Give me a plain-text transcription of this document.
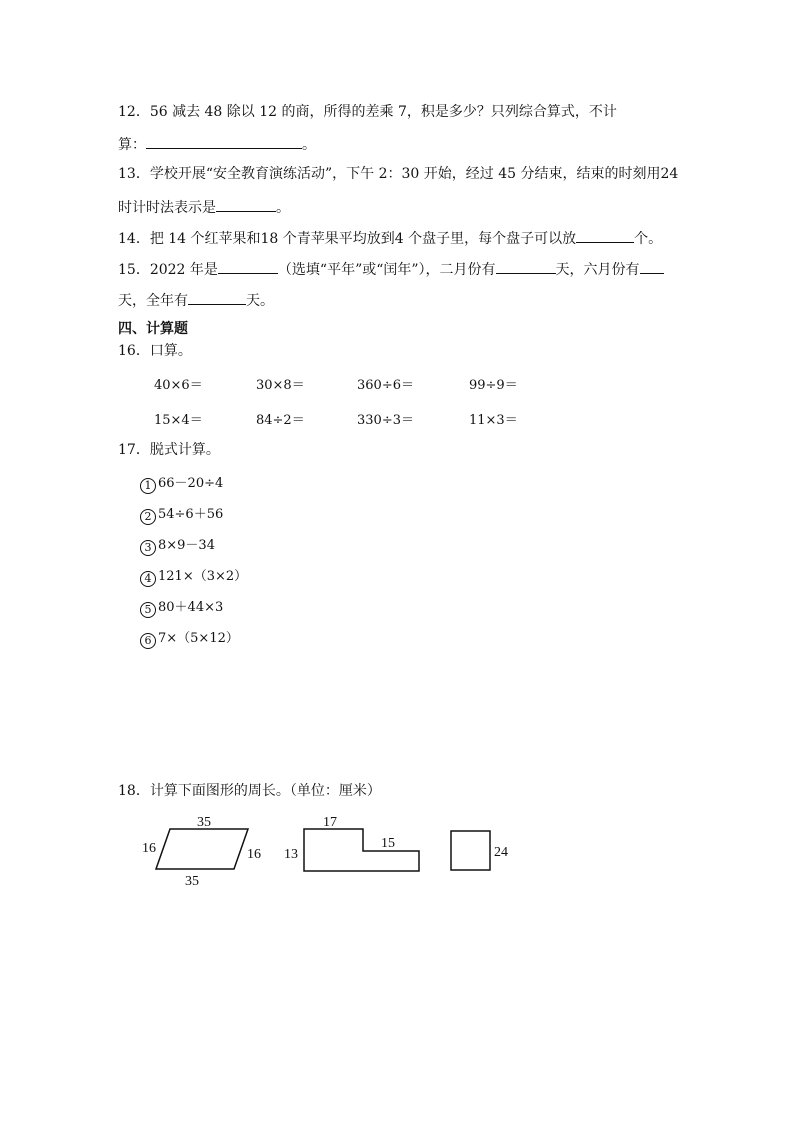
12．56 减去 48 除以 12 的商，所得的差乘 7，积是多少？只列综合算式，不计
算：	。
13．学校开展“安全教育演练活动”，下午 2：30 开始，经过 45 分结束，结束的时刻用24
时计时法表示是	。
14．把 14 个红苹果和18 个青苹果平均放到4 个盘子里，每个盘子可以放	个。
15．2022 年是	（选填“平年”或“闰年”），二月份有	天，六月份有
天，全年有	天。
四、计算题
16．口算。
40×6＝	30×8＝	360÷6＝	99÷9＝
15×4＝	84÷2＝	330÷3＝	11×3＝
17．脱式计算。
1 66－20÷4
2 54÷6＋56
3 8×9－34
4 121×（3×2）
5 80＋44×3
6 7×（5×12）
18．计算下面图形的周长。（单位：厘米）
35
35
16	16
17
15
13	24
